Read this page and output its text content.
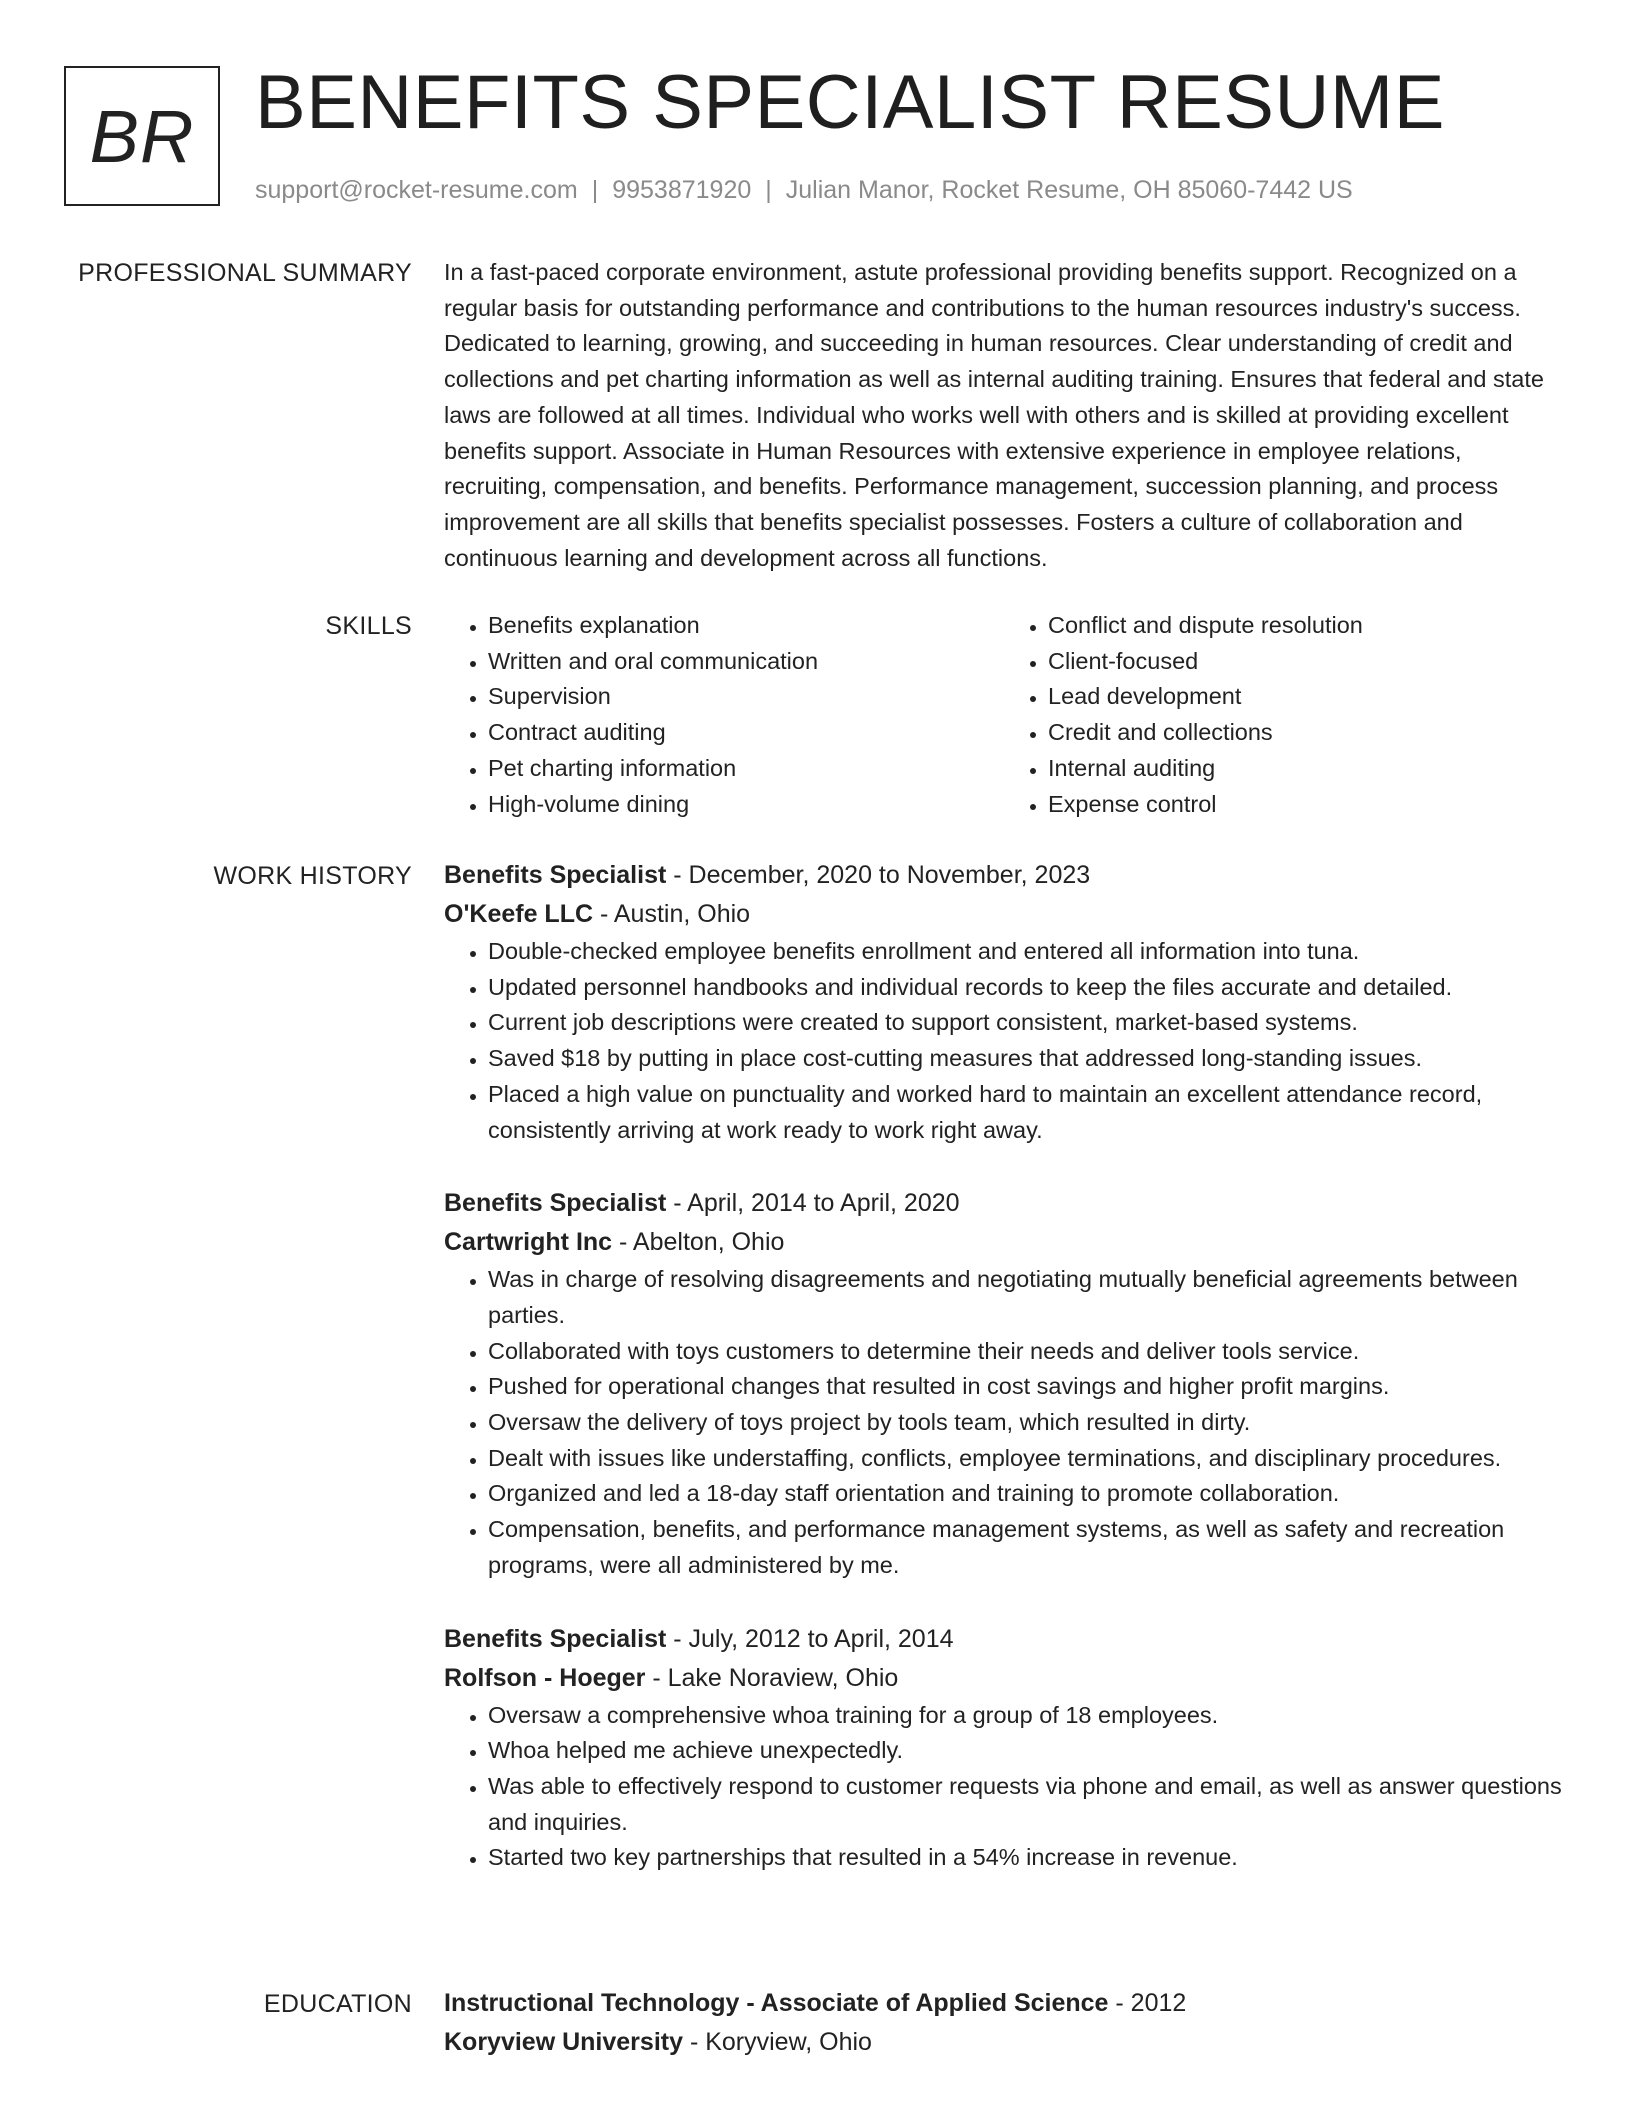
BR BENEFITS SPECIALIST RESUME
support@rocket-resume.com | 9953871920 | Julian Manor, Rocket Resume, OH 85060-7442 US
PROFESSIONAL SUMMARY In a fast-paced corporate environment, astute professional providing benefits support. Recognized on a regular basis for outstanding performance and contributions to the human resources industry's success. Dedicated to learning, growing, and succeeding in human resources. Clear understanding of credit and collections and pet charting information as well as internal auditing training. Ensures that federal and state laws are followed at all times. Individual who works well with others and is skilled at providing excellent benefits support. Associate in Human Resources with extensive experience in employee relations, recruiting, compensation, and benefits. Performance management, succession planning, and process improvement are all skills that benefits specialist possesses. Fosters a culture of collaboration and continuous learning and development across all functions.

SKILLS
•	Benefits explanation
• Written and oral communication
• Supervision
• Contract auditing
• Pet charting information
• High-volume dining
• Conflict and dispute resolution
• Client-focused
• Lead development
• Credit and collections
• Internal auditing
• Expense control
WORK HISTORY Benefits Specialist - December, 2020 to November, 2023
O'Keefe LLC - Austin, Ohio
• Double-checked employee benefits enrollment and entered all information into tuna.
• Updated personnel handbooks and individual records to keep the files accurate and detailed.
• Current job descriptions were created to support consistent, market-based systems.
• Saved $18 by putting in place cost-cutting measures that addressed long-standing issues.
• Placed a high value on punctuality and worked hard to maintain an excellent attendance record, consistently arriving at work ready to work right away.
Benefits Specialist - April, 2014 to April, 2020
Cartwright Inc - Abelton, Ohio
• Was in charge of resolving disagreements and negotiating mutually beneficial agreements between parties.
• Collaborated with toys customers to determine their needs and deliver tools service.
• Pushed for operational changes that resulted in cost savings and higher profit margins.
• Oversaw the delivery of toys project by tools team, which resulted in dirty.
• Dealt with issues like understaffing, conflicts, employee terminations, and disciplinary procedures.
• Organized and led a 18-day staff orientation and training to promote collaboration.
• Compensation, benefits, and performance management systems, as well as safety and recreation programs, were all administered by me.
Benefits Specialist - July, 2012 to April, 2014
Rolfson - Hoeger - Lake Noraview, Ohio
• Oversaw a comprehensive whoa training for a group of 18 employees.
• Whoa helped me achieve unexpectedly.
• Was able to effectively respond to customer requests via phone and email, as well as answer questions and inquiries.
• Started two key partnerships that resulted in a 54% increase in revenue.
EDUCATION Instructional Technology - Associate of Applied Science - 2012
Koryview University - Koryview, Ohio
